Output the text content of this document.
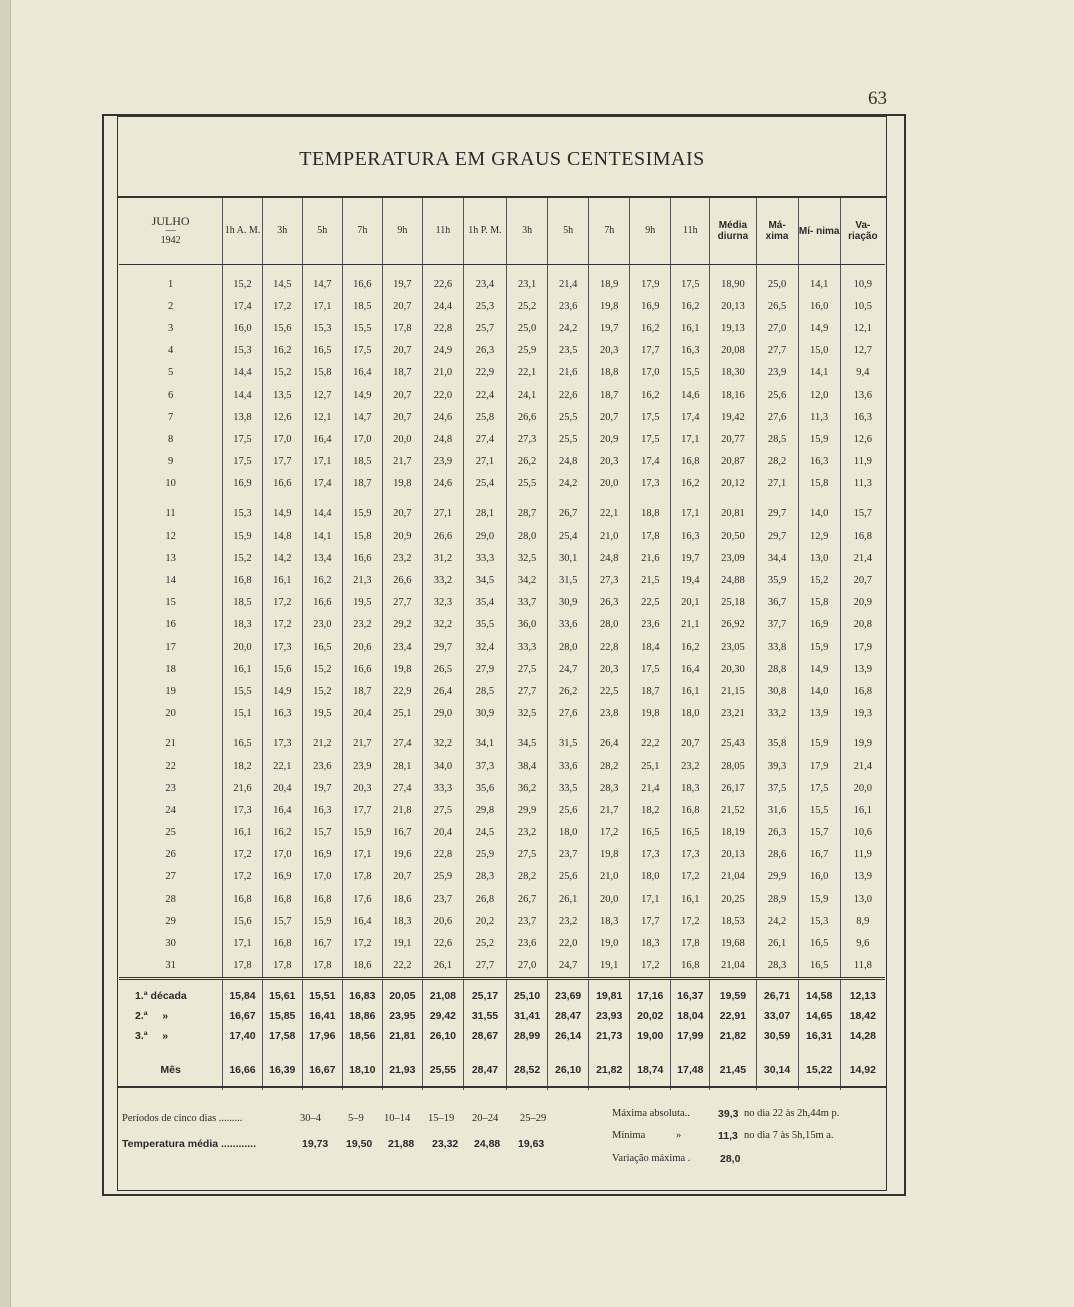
63
TEMPERATURA EM GRAUS CENTESIMAIS
JULHO
—
1942	1h A. M.	3h	5h	7h	9h	11h	1h P. M.	3h	5h	7h	9h	11h	Média diurna	Má- xima	Mí- nima	Va- riação
1	15,2	14,5	14,7	16,6	19,7	22,6	23,4	23,1	21,4	18,9	17,9	17,5	18,90	25,0	14,1	10,9
2	17,4	17,2	17,1	18,5	20,7	24,4	25,3	25,2	23,6	19,8	16,9	16,2	20,13	26,5	16,0	10,5
3	16,0	15,6	15,3	15,5	17,8	22,8	25,7	25,0	24,2	19,7	16,2	16,1	19,13	27,0	14,9	12,1
4	15,3	16,2	16,5	17,5	20,7	24,9	26,3	25,9	23,5	20,3	17,7	16,3	20,08	27,7	15,0	12,7
5	14,4	15,2	15,8	16,4	18,7	21,0	22,9	22,1	21,6	18,8	17,0	15,5	18,30	23,9	14,1	9,4
6	14,4	13,5	12,7	14,9	20,7	22,0	22,4	24,1	22,6	18,7	16,2	14,6	18,16	25,6	12,0	13,6
7	13,8	12,6	12,1	14,7	20,7	24,6	25,8	26,6	25,5	20,7	17,5	17,4	19,42	27,6	11,3	16,3
8	17,5	17,0	16,4	17,0	20,0	24,8	27,4	27,3	25,5	20,9	17,5	17,1	20,77	28,5	15,9	12,6
9	17,5	17,7	17,1	18,5	21,7	23,9	27,1	26,2	24,8	20,3	17,4	16,8	20,87	28,2	16,3	11,9
10	16,9	16,6	17,4	18,7	19,8	24,6	25,4	25,5	24,2	20,0	17,3	16,2	20,12	27,1	15,8	11,3
11	15,3	14,9	14,4	15,9	20,7	27,1	28,1	28,7	26,7	22,1	18,8	17,1	20,81	29,7	14,0	15,7
12	15,9	14,8	14,1	15,8	20,9	26,6	29,0	28,0	25,4	21,0	17,8	16,3	20,50	29,7	12,9	16,8
13	15,2	14,2	13,4	16,6	23,2	31,2	33,3	32,5	30,1	24,8	21,6	19,7	23,09	34,4	13,0	21,4
14	16,8	16,1	16,2	21,3	26,6	33,2	34,5	34,2	31,5	27,3	21,5	19,4	24,88	35,9	15,2	20,7
15	18,5	17,2	16,6	19,5	27,7	32,3	35,4	33,7	30,9	26,3	22,5	20,1	25,18	36,7	15,8	20,9
16	18,3	17,2	23,0	23,2	29,2	32,2	35,5	36,0	33,6	28,0	23,6	21,1	26,92	37,7	16,9	20,8
17	20,0	17,3	16,5	20,6	23,4	29,7	32,4	33,3	28,0	22,8	18,4	16,2	23,05	33,8	15,9	17,9
18	16,1	15,6	15,2	16,6	19,8	26,5	27,9	27,5	24,7	20,3	17,5	16,4	20,30	28,8	14,9	13,9
19	15,5	14,9	15,2	18,7	22,9	26,4	28,5	27,7	26,2	22,5	18,7	16,1	21,15	30,8	14,0	16,8
20	15,1	16,3	19,5	20,4	25,1	29,0	30,9	32,5	27,6	23,8	19,8	18,0	23,21	33,2	13,9	19,3
21	16,5	17,3	21,2	21,7	27,4	32,2	34,1	34,5	31,5	26,4	22,2	20,7	25,43	35,8	15,9	19,9
22	18,2	22,1	23,6	23,9	28,1	34,0	37,3	38,4	33,6	28,2	25,1	23,2	28,05	39,3	17,9	21,4
23	21,6	20,4	19,7	20,3	27,4	33,3	35,6	36,2	33,5	28,3	21,4	18,3	26,17	37,5	17,5	20,0
24	17,3	16,4	16,3	17,7	21,8	27,5	29,8	29,9	25,6	21,7	18,2	16,8	21,52	31,6	15,5	16,1
25	16,1	16,2	15,7	15,9	16,7	20,4	24,5	23,2	18,0	17,2	16,5	16,5	18,19	26,3	15,7	10,6
26	17,2	17,0	16,9	17,1	19,6	22,8	25,9	27,5	23,7	19,8	17,3	17,3	20,13	28,6	16,7	11,9
27	17,2	16,9	17,0	17,8	20,7	25,9	28,3	28,2	25,6	21,0	18,0	17,2	21,04	29,9	16,0	13,9
28	16,8	16,8	16,8	17,6	18,6	23,7	26,8	26,7	26,1	20,0	17,1	16,1	20,25	28,9	15,9	13,0
29	15,6	15,7	15,9	16,4	18,3	20,6	20,2	23,7	23,2	18,3	17,7	17,2	18,53	24,2	15,3	8,9
30	17,1	16,8	16,7	17,2	19,1	22,6	25,2	23,6	22,0	19,0	18,3	17,8	19,68	26,1	16,5	9,6
31	17,8	17,8	17,8	18,6	22,2	26,1	27,7	27,0	24,7	19,1	17,2	16,8	21,04	28,3	16,5	11,8
1.ª década	15,84	15,61	15,51	16,83	20,05	21,08	25,17	25,10	23,69	19,81	17,16	16,37	19,59	26,71	14,58	12,13
2.ª     »	16,67	15,85	16,41	18,86	23,95	29,42	31,55	31,41	28,47	23,93	20,02	18,04	22,91	33,07	14,65	18,42
3.ª     »	17,40	17,58	17,96	18,56	21,81	26,10	28,67	28,99	26,14	21,73	19,00	17,99	21,82	30,59	16,31	14,28
Mês	16,66	16,39	16,67	18,10	21,93	25,55	28,47	28,52	26,10	21,82	18,74	17,48	21,45	30,14	15,22	14,92
Períodos de cinco dias .........	30–4	5–9 10–14 15–19 20–24 25–29
Temperatura média ............	19,73 19,50 21,88 23,32 24,88 19,63
Máxima absoluta..	39,3 no dia 22 às 2h,44m p.
Mínima	»	11,3 no dia 7 às 5h,15m a.
Variação máxima .	28,0
